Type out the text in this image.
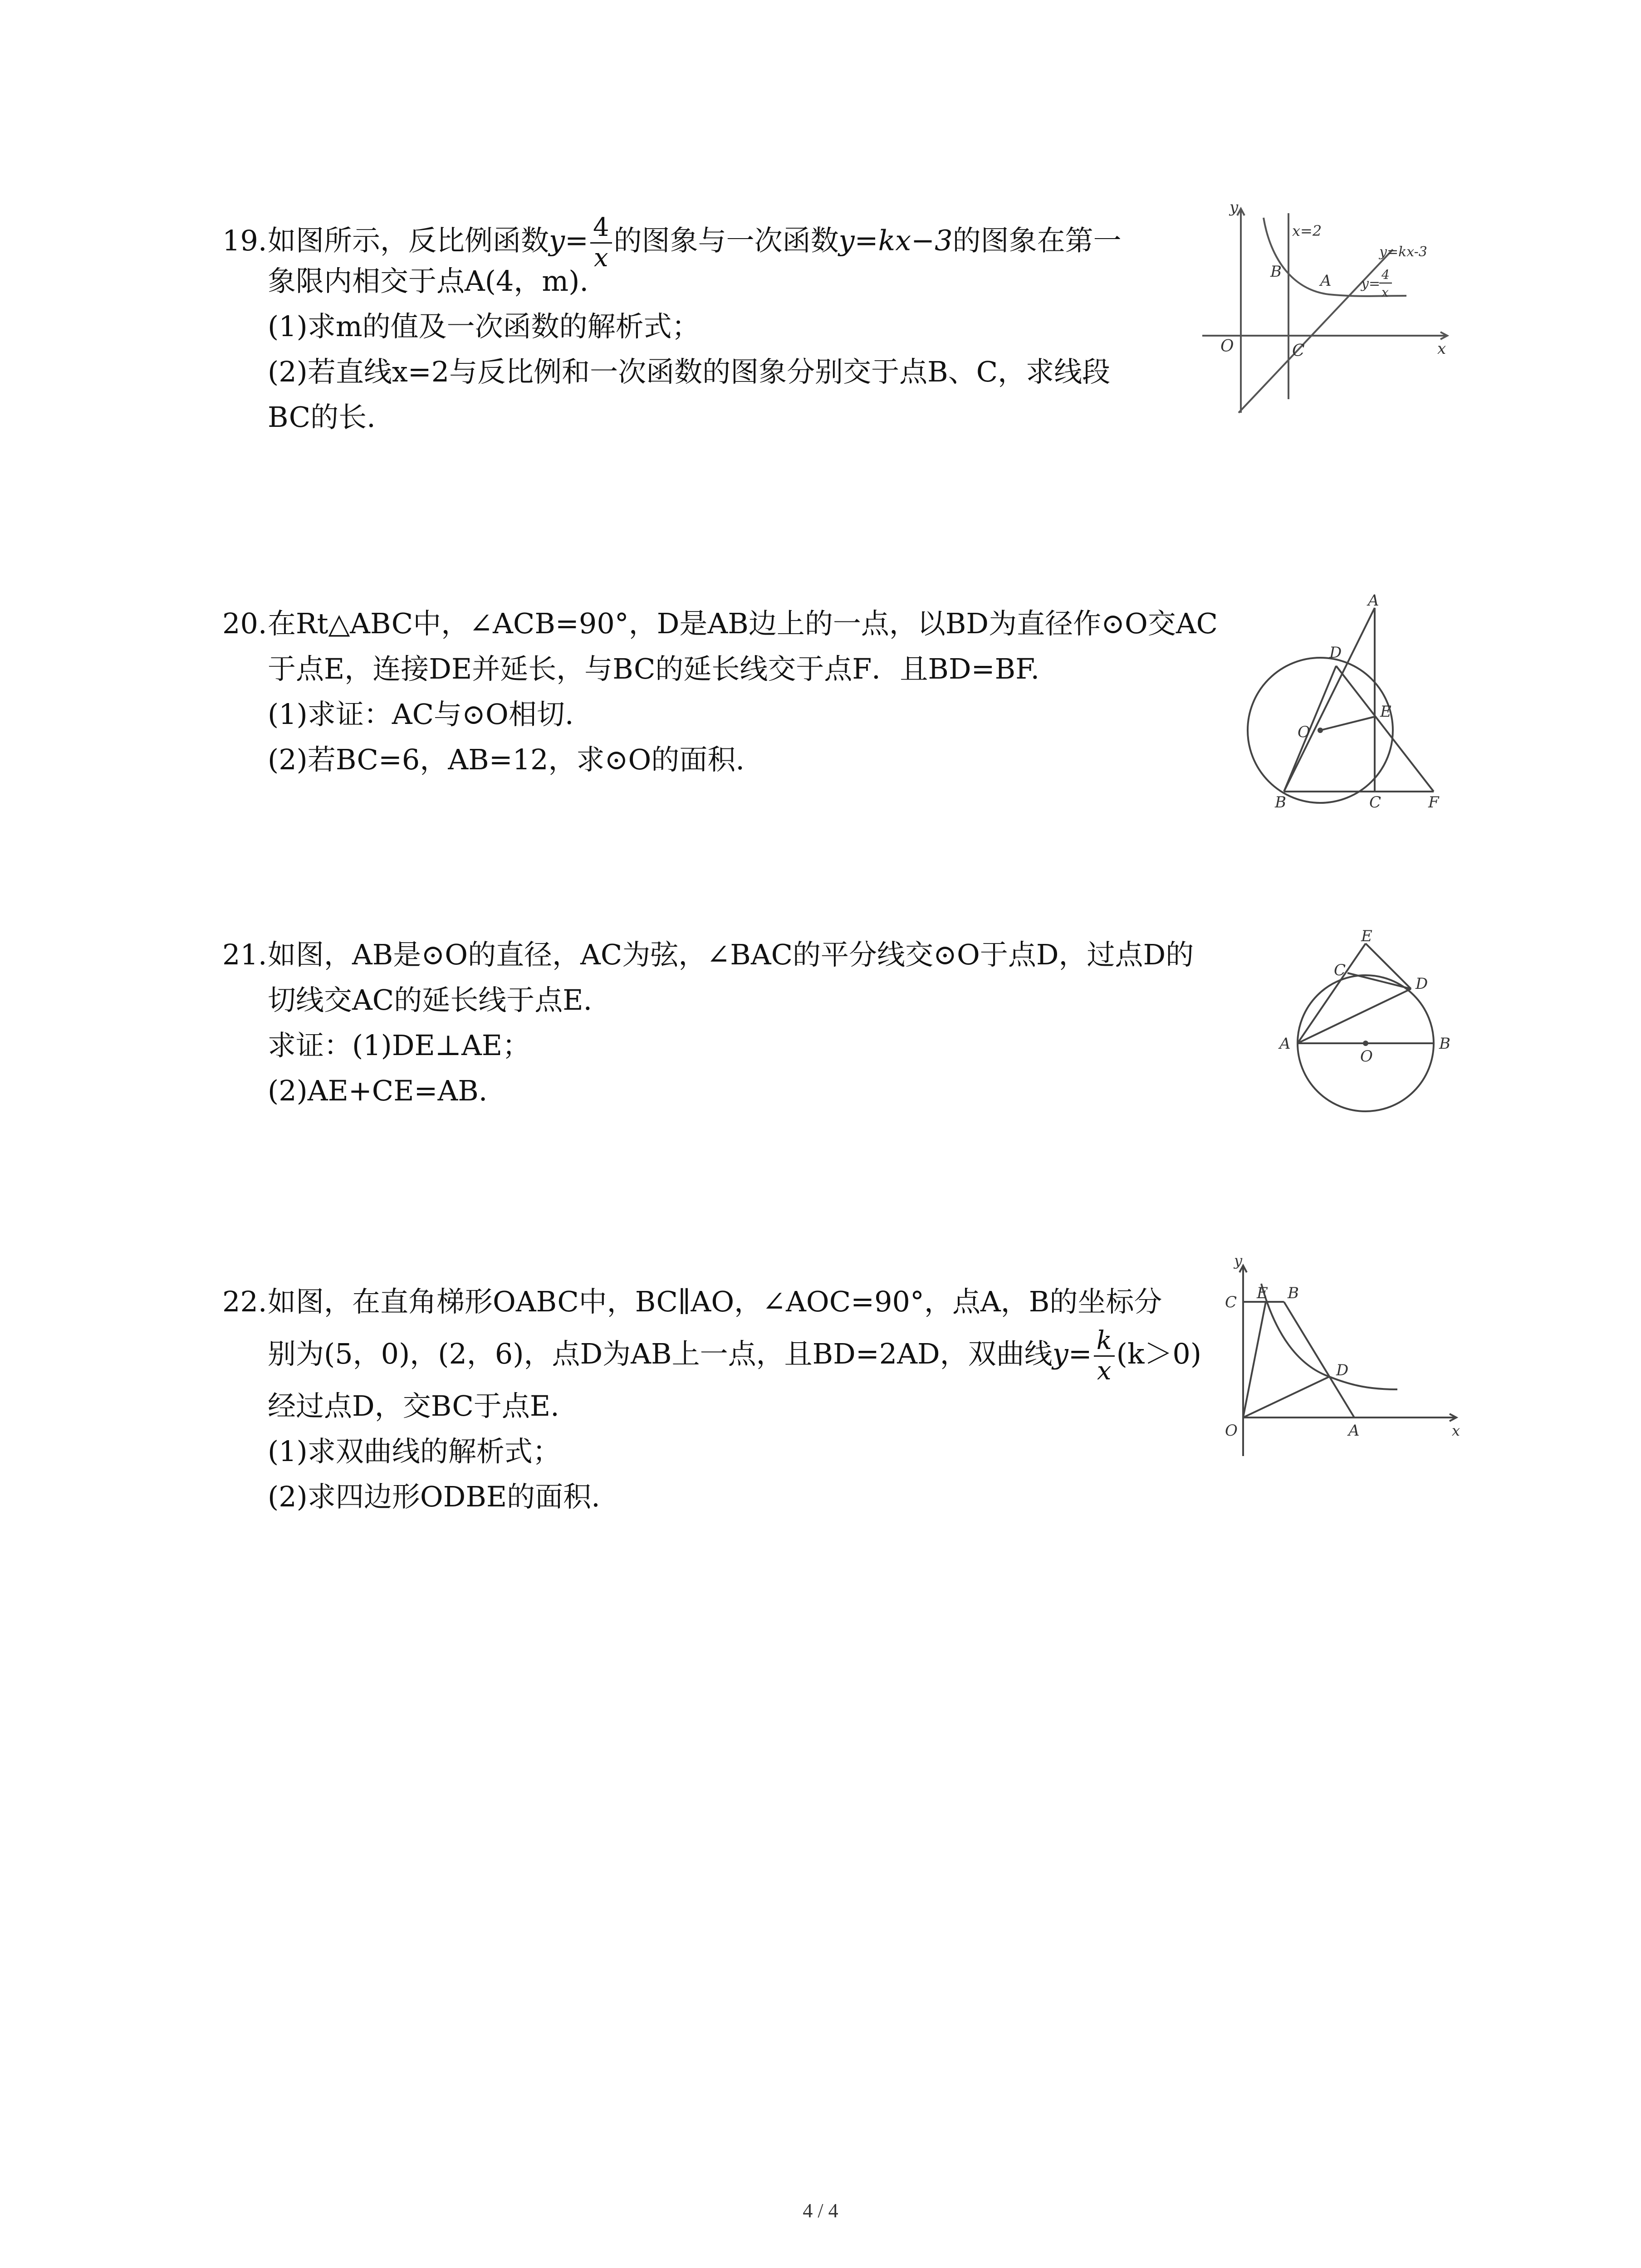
19.如图所示，反比例函数$y= \frac{4}{x}$ 的图象与一次函数y=kx−3的图象在第一
象限内相交于点A(4，m).
(1)求m的值及一次函数的解析式；
(2)若直线x=2与反比例和一次函数的图象分别交于点B、C，求线段
BC的长.
y
x
O
x=2
B	A
C
y=kx-3
y=
4
x
20.在Rt△ABC中，∠ACB=90°，D是AB边上的一点，以BD为直径作⊙O交AC
于点E，连接DE并延长，与BC的延长线交于点F．且BD=BF.
(1)求证：AC与⊙O相切.
(2)若BC=6，AB=12，求⊙O的面积.
A
D
O
E
B	C	F
21.如图，AB是⊙O的直径，AC为弦，∠BAC的平分线交⊙O于点D，过点D的
切线交AC的延长线于点E.
求证：(1)DE⊥AE；
(2)AE+CE=AB.
E
C
D
A
O
B
22.如图，在直角梯形OABC中，BC∥AO，∠AOC=90°，点A，B的坐标分
别为(5，0)，(2，6)，点D为AB上一点，且BD=2AD，双曲线$y= \frac{k}{x} (k>0)$
经过点D，交BC于点E.
(1)求双曲线的解析式；
(2)求四边形ODBE的面积.
y
x
C E B
D
O	A
4 / 4
